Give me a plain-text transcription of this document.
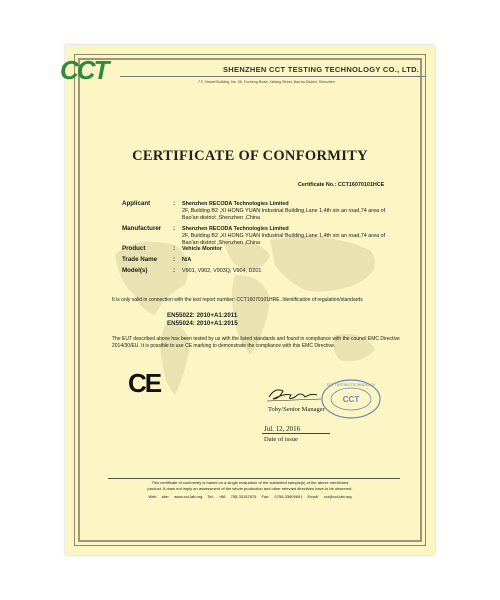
CCT	SHENZHEN CCT TESTING TECHNOLOGY CO., LTD.
7 F, Xinwei Building, No. 36, Fucheng Road, Xixiang Street, Bao'an District, Shenzhen
CERTIFICATE OF CONFORMITY
Certificate No.: CCT16070101HCE
Applicant	: Shenzhen RECODA Technologies Limited
2F, Building B2 ,XI HONG YUAN Industrial Building,Lane 1,4th xin an road,74 area of Bao'an district ,Shenzhen ,China
Manufacturer : Shenzhen RECODA Technologies Limited
2F, Building B2 ,XI HONG YUAN Industrial Building,Lane 1,4th xin an road,74 area of Bao'an district ,Shenzhen ,China
Product	: Vehicle Monitor
Trade Name	: N/A
Model(s)	: V901, V902, V903Q, V904, D201
It is only valid in connection with the test report number: CCT16070101HRE. Identification of regulation/standards
EN55022: 2010+A1:2011
EN55024: 2010+A1:2015
The EUT described above has been tested by us with the listed standards and found in compliance with the council EMC Directive 2014/30/EU. It is possible to use CE marking to demonstrate the compliance with this EMC Directive.
CE
Toby/Senior Manager
CCT
CCT TESTING TECHNOLOGY
Jul. 12, 2016
Date of issue
This certificate of conformity is based on a single evaluation of the submitted sample(s) of the above mentioned
product. It does not imply an assessment of the whole production and other relevant directives have to be observed.
Web site: www.cct-lab.org Tel: +86 755-33157675 Fax: 0755-33609691 Email: cct@cct-lab.org
